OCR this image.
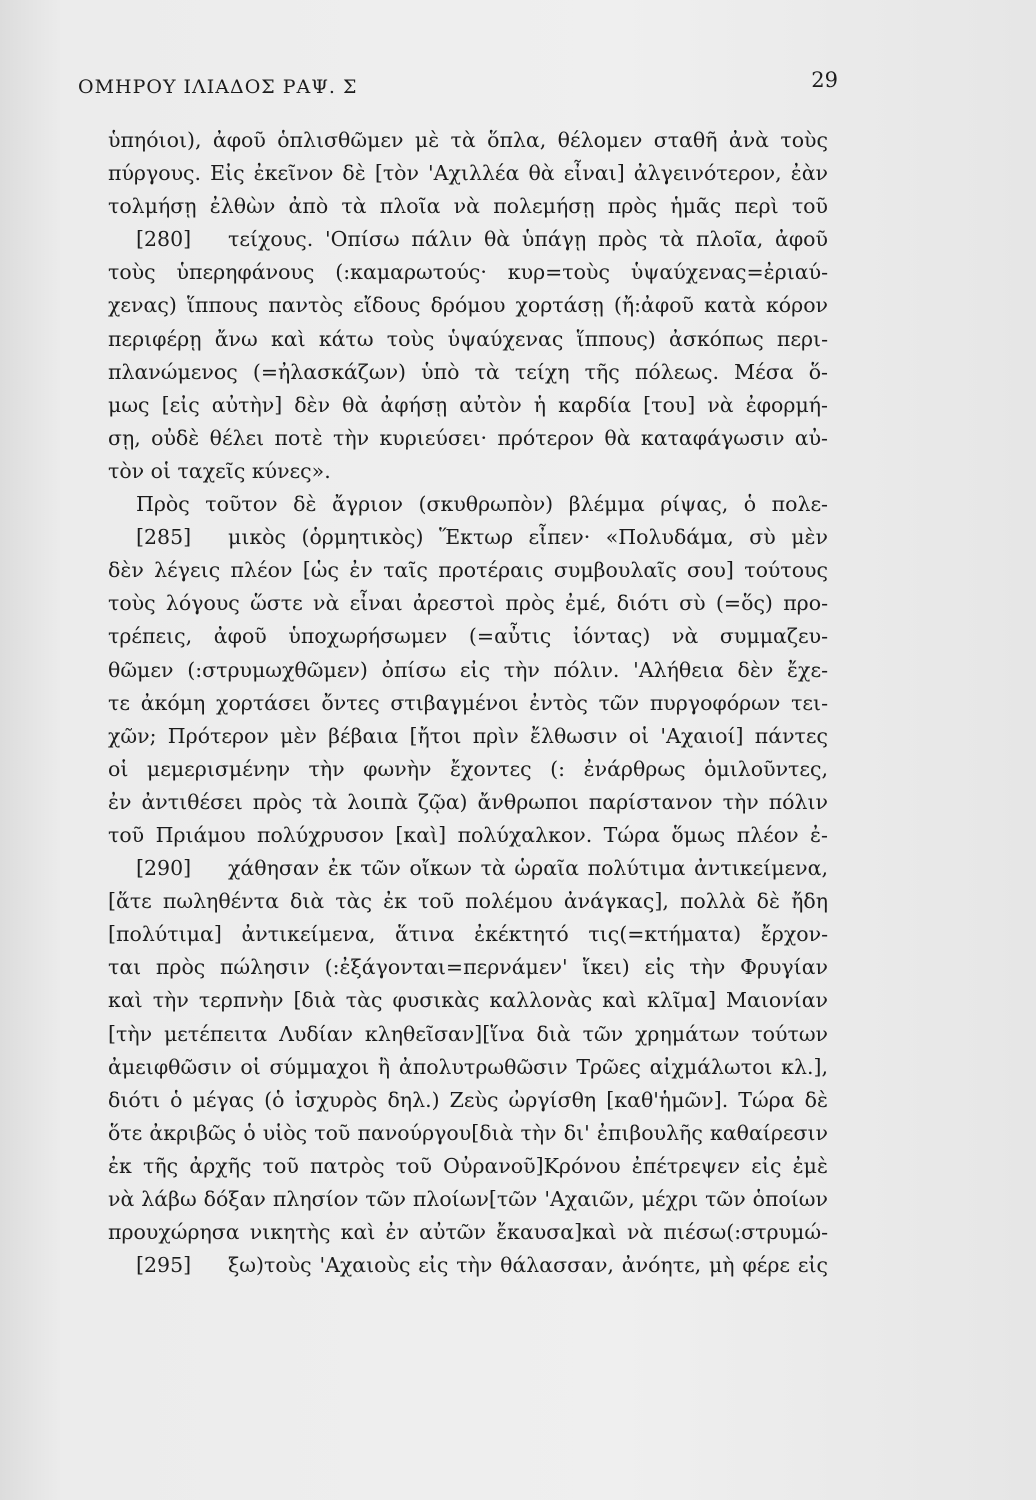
ΟΜΗΡΟΥ ΙΛΙΑΔΟΣ ΡΑΨ. Σ	29
ὑπηόιοι), ἀφοῦ ὁπλισθῶμεν μὲ τὰ ὅπλα, θέλομεν σταθῆ ἀνὰ τοὺς
πύργους. Εἰς ἐκεῖνον δὲ [τὸν 'Αχιλλέα θὰ εἶναι] ἀλγεινότερον, ἐὰν
τολμήσῃ ἐλθὼν ἀπὸ τὰ πλοῖα νὰ πολεμήσῃ πρὸς ἡμᾶς περὶ τοῦ
[280] τείχους. 'Οπίσω πάλιν θὰ ὑπάγῃ πρὸς τὰ πλοῖα, ἀφοῦ
τοὺς ὑπερηφάνους (:καμαρωτούς· κυρ=τοὺς ὑψαύχενας=ἐριαύ-
χενας) ἵππους παντὸς εἴδους δρόμου χορτάσῃ (ἤ:ἀφοῦ κατὰ κόρον
περιφέρῃ ἄνω καὶ κάτω τοὺς ὑψαύχενας ἵππους) ἀσκόπως περι-
πλανώμενος (=ἠλασκάζων) ὑπὸ τὰ τείχη τῆς πόλεως. Μέσα ὅ-
μως [εἰς αὐτὴν] δὲν θὰ ἀφήσῃ αὐτὸν ἡ καρδία [του] νὰ ἐφορμή-
σῃ, οὐδὲ θέλει ποτὲ τὴν κυριεύσει· πρότερον θὰ καταφάγωσιν αὐ-
τὸν οἱ ταχεῖς κύνες».
Πρὸς τοῦτον δὲ ἄγριον (σκυθρωπὸν) βλέμμα ρίψας, ὁ πολε-
[285] μικὸς (ὁρμητικὸς) Ἕκτωρ εἶπεν· «Πολυδάμα, σὺ μὲν
δὲν λέγεις πλέον [ὡς ἐν ταῖς προτέραις συμβουλαῖς σου] τούτους
τοὺς λόγους ὥστε νὰ εἶναι ἀρεστοὶ πρὸς ἐμέ, διότι σὺ (=ὅς) προ-
τρέπεις, ἀφοῦ ὑποχωρήσωμεν (=αὖτις ἰόντας) νὰ συμμαζευ-
θῶμεν (:στρυμωχθῶμεν) ὀπίσω εἰς τὴν πόλιν. 'Αλήθεια δὲν ἔχε-
τε ἀκόμη χορτάσει ὄντες στιβαγμένοι ἐντὸς τῶν πυργοφόρων τει-
χῶν; Πρότερον μὲν βέβαια [ἤτοι πρὶν ἔλθωσιν οἱ 'Αχαιοί] πάντες
οἱ μεμερισμένην τὴν φωνὴν ἔχοντες (: ἐνάρθρως ὁμιλοῦντες,
ἐν ἀντιθέσει πρὸς τὰ λοιπὰ ζῷα) ἄνθρωποι παρίστανον τὴν πόλιν
τοῦ Πριάμου πολύχρυσον [καὶ] πολύχαλκον. Τώρα ὅμως πλέον ἐ-
[290] χάθησαν ἐκ τῶν οἴκων τὰ ὡραῖα πολύτιμα ἀντικείμενα,
[ἅτε πωληθέντα διὰ τὰς ἐκ τοῦ πολέμου ἀνάγκας], πολλὰ δὲ ἤδη
[πολύτιμα] ἀντικείμενα, ἅτινα ἐκέκτητό τις(=κτήματα) ἔρχον-
ται πρὸς πώλησιν (:ἐξάγονται=περνάμεν' ἴκει) εἰς τὴν Φρυγίαν
καὶ τὴν τερπνὴν [διὰ τὰς φυσικὰς καλλονὰς καὶ κλῖμα] Μαιονίαν
[τὴν μετέπειτα Λυδίαν κληθεῖσαν][ἵνα διὰ τῶν χρημάτων τούτων
ἀμειφθῶσιν οἱ σύμμαχοι ἢ ἀπολυτρωθῶσιν Τρῶες αἰχμάλωτοι κλ.],
διότι ὁ μέγας (ὁ ἰσχυρὸς δηλ.) Ζεὺς ὠργίσθη [καθ'ἡμῶν]. Τώρα δὲ
ὅτε ἀκριβῶς ὁ υἱὸς τοῦ πανούργου[διὰ τὴν δι' ἐπιβουλῆς καθαίρεσιν
ἐκ τῆς ἀρχῆς τοῦ πατρὸς τοῦ Οὐρανοῦ]Κρόνου ἐπέτρεψεν εἰς ἐμὲ
νὰ λάβω δόξαν πλησίον τῶν πλοίων[τῶν 'Αχαιῶν, μέχρι τῶν ὁποίων
προυχώρησα νικητὴς καὶ ἐν αὐτῶν ἔκαυσα]καὶ νὰ πιέσω(:στρυμώ-
[295] ξω)τοὺς 'Αχαιοὺς εἰς τὴν θάλασσαν, ἀνόητε, μὴ φέρε εἰς
